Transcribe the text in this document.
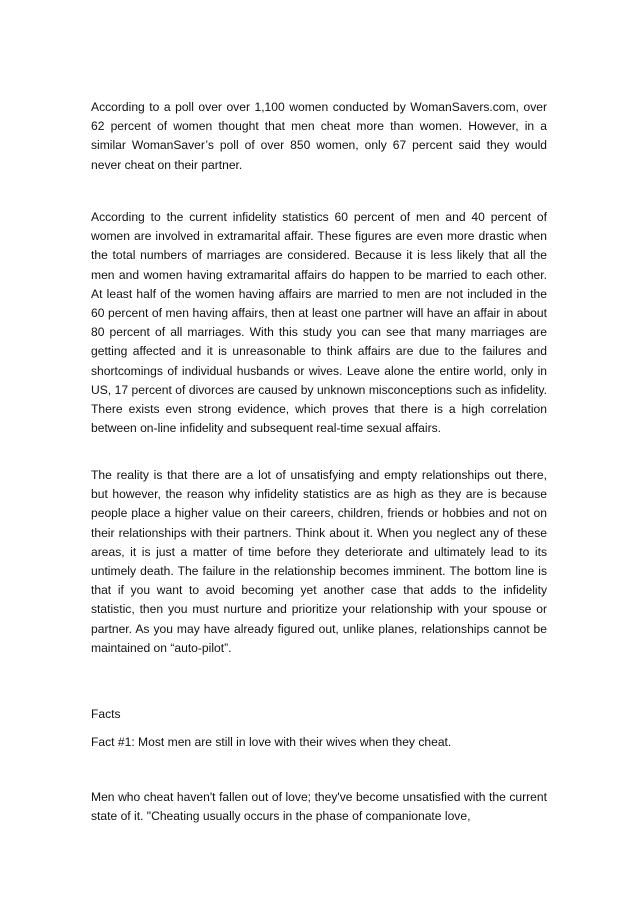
According to a poll over over 1,100 women conducted by WomanSavers.com, over 62 percent of women thought that men cheat more than women. However, in a similar WomanSaver’s poll of over 850 women, only 67 percent said they would never cheat on their partner.

According to the current infidelity statistics 60 percent of men and 40 percent of women are involved in extramarital affair. These figures are even more drastic when the total numbers of marriages are considered. Because it is less likely that all the men and women having extramarital affairs do happen to be married to each other. At least half of the women having affairs are married to men are not included in the 60 percent of men having affairs, then at least one partner will have an affair in about 80 percent of all marriages. With this study you can see that many marriages are getting affected and it is unreasonable to think affairs are due to the failures and shortcomings of individual husbands or wives. Leave alone the entire world, only in US, 17 percent of divorces are caused by unknown misconceptions such as infidelity. There exists even strong evidence, which proves that there is a high correlation between on-line infidelity and subsequent real-time sexual affairs.

The reality is that there are a lot of unsatisfying and empty relationships out there, but however, the reason why infidelity statistics are as high as they are is because people place a higher value on their careers, children, friends or hobbies and not on their relationships with their partners. Think about it. When you neglect any of these areas, it is just a matter of time before they deteriorate and ultimately lead to its untimely death. The failure in the relationship becomes imminent. The bottom line is that if you want to avoid becoming yet another case that adds to the infidelity statistic, then you must nurture and prioritize your relationship with your spouse or partner. As you may have already figured out, unlike planes, relationships cannot be maintained on “auto-pilot”.

Facts

Fact #1: Most men are still in love with their wives when they cheat.

Men who cheat haven't fallen out of love; they've become unsatisfied with the current state of it. "Cheating usually occurs in the phase of companionate love,
